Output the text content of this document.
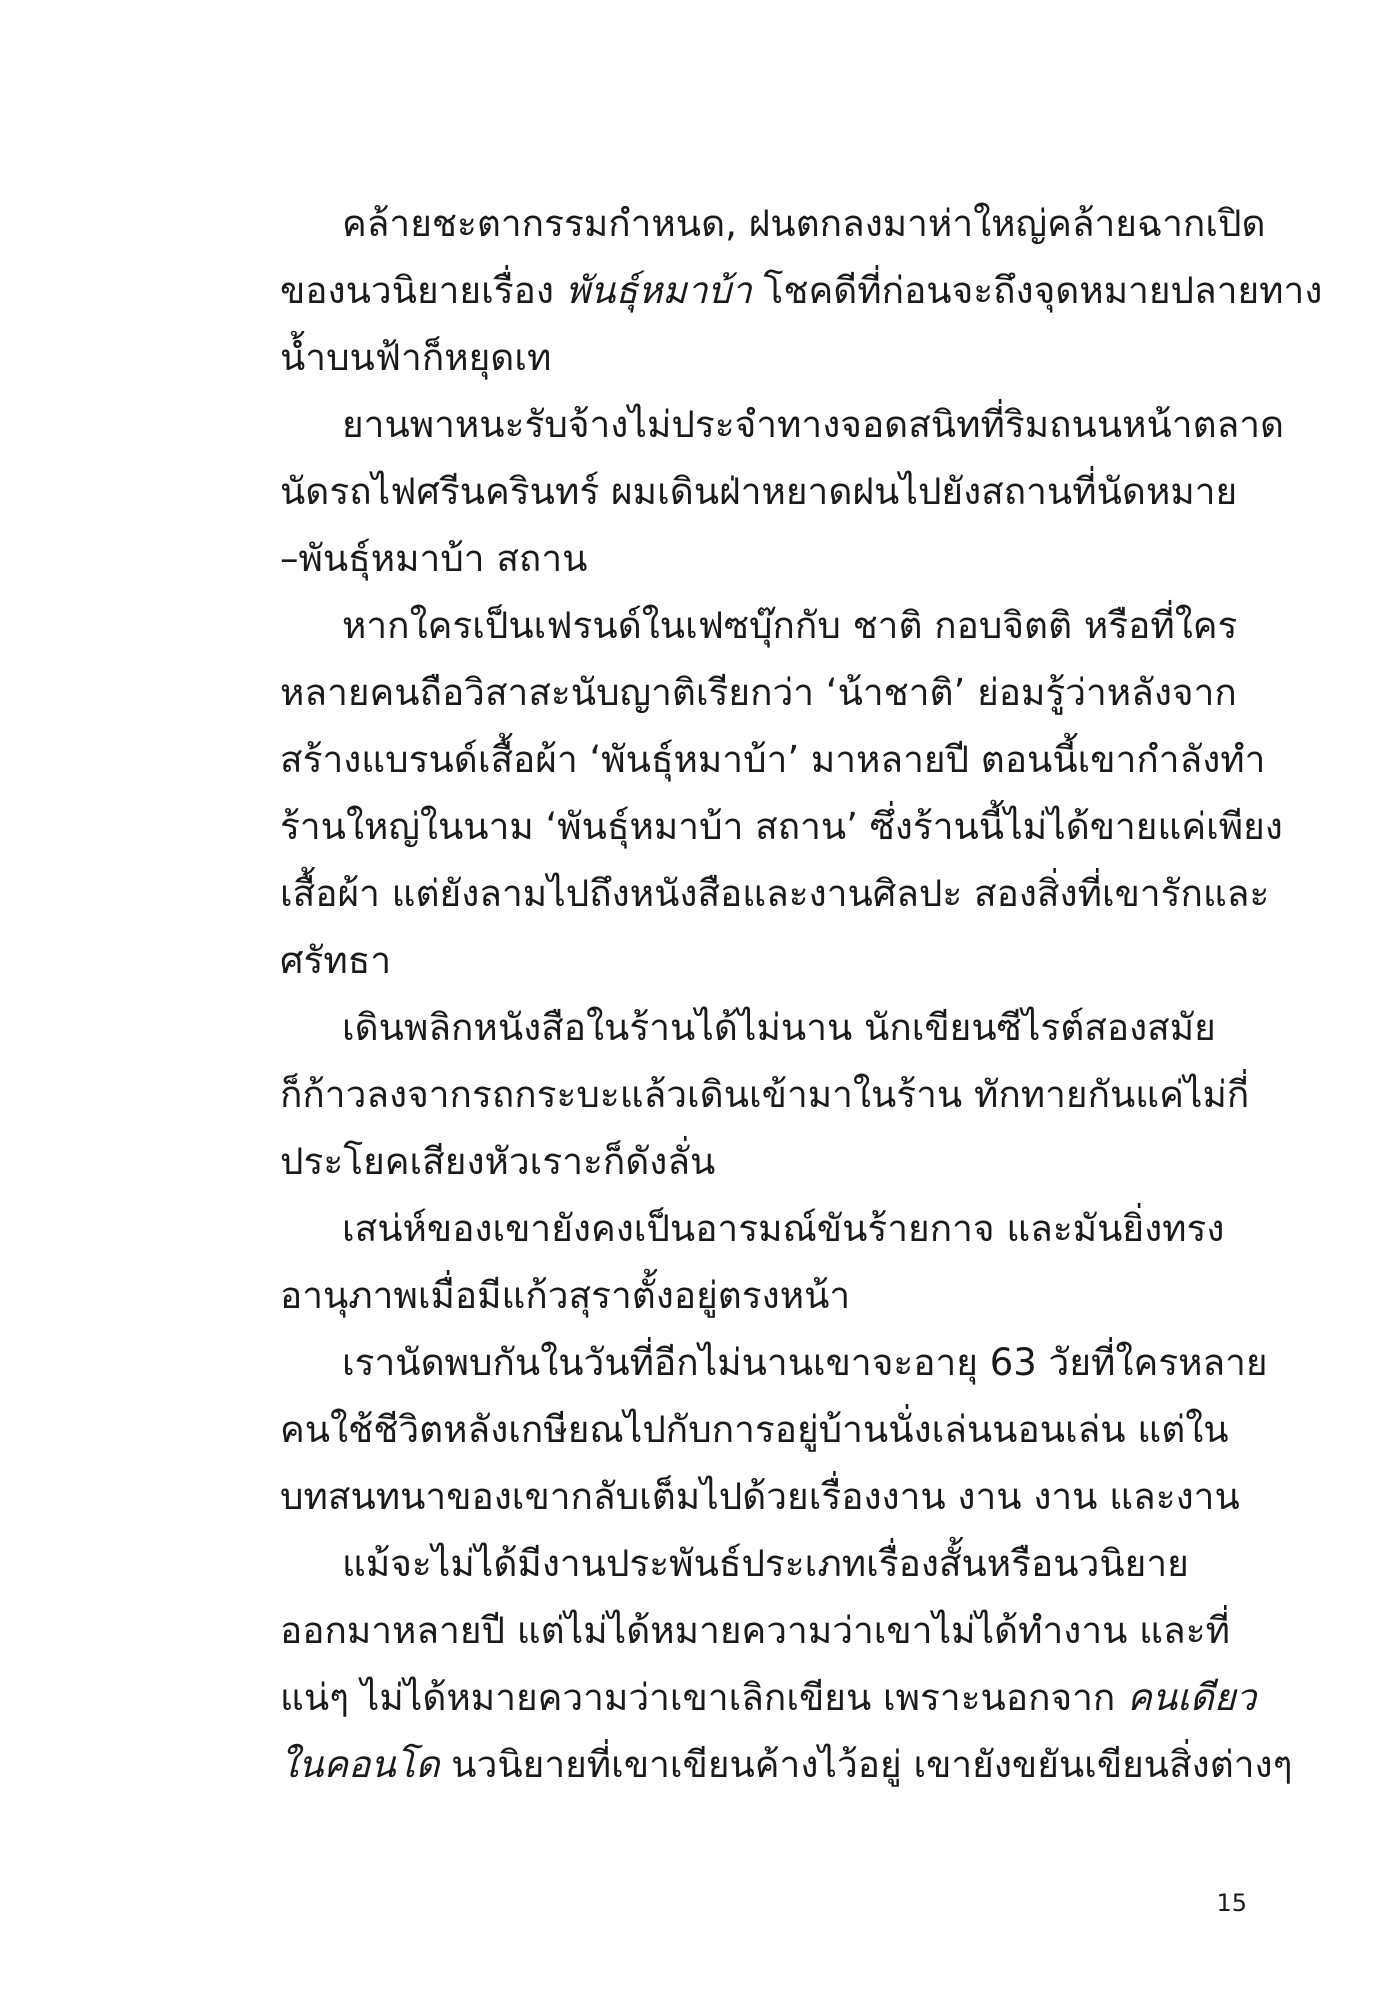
คล้ายชะตากรรมกำหนด, ฝนตกลงมาห่าใหญ่คล้ายฉากเปิด
ของนวนิยายเรื่อง พันธุ์หมาบ้า โชคดีที่ก่อนจะถึงจุดหมายปลายทาง
น้ำบนฟ้าก็หยุดเท
ยานพาหนะรับจ้างไม่ประจำทางจอดสนิทที่ริมถนนหน้าตลาด
นัดรถไฟศรีนครินทร์ ผมเดินฝ่าหยาดฝนไปยังสถานที่นัดหมาย
–พันธุ์หมาบ้า สถาน
หากใครเป็นเฟรนด์ในเฟซบุ๊กกับ ชาติ กอบจิตติ หรือที่ใคร
หลายคนถือวิสาสะนับญาติเรียกว่า ‘น้าชาติ’ ย่อมรู้ว่าหลังจาก
สร้างแบรนด์เสื้อผ้า ‘พันธุ์หมาบ้า’ มาหลายปี ตอนนี้เขากำลังทำ
ร้านใหญ่ในนาม ‘พันธุ์หมาบ้า สถาน’ ซึ่งร้านนี้ไม่ได้ขายแค่เพียง
เสื้อผ้า แต่ยังลามไปถึงหนังสือและงานศิลปะ สองสิ่งที่เขารักและ
ศรัทธา
เดินพลิกหนังสือในร้านได้ไม่นาน นักเขียนซีไรต์สองสมัย
ก็ก้าวลงจากรถกระบะแล้วเดินเข้ามาในร้าน ทักทายกันแค่ไม่กี่
ประโยคเสียงหัวเราะก็ดังลั่น
เสน่ห์ของเขายังคงเป็นอารมณ์ขันร้ายกาจ และมันยิ่งทรง
อานุภาพเมื่อมีแก้วสุราตั้งอยู่ตรงหน้า
เรานัดพบกันในวันที่อีกไม่นานเขาจะอายุ 63 วัยที่ใครหลาย
คนใช้ชีวิตหลังเกษียณไปกับการอยู่บ้านนั่งเล่นนอนเล่น แต่ใน
บทสนทนาของเขากลับเต็มไปด้วยเรื่องงาน งาน งาน และงาน
แม้จะไม่ได้มีงานประพันธ์ประเภทเรื่องสั้นหรือนวนิยาย
ออกมาหลายปี แต่ไม่ได้หมายความว่าเขาไม่ได้ทำงาน และที่
แน่ๆ ไม่ได้หมายความว่าเขาเลิกเขียน เพราะนอกจาก คนเดียว
ในคอนโด นวนิยายที่เขาเขียนค้างไว้อยู่ เขายังขยันเขียนสิ่งต่างๆ
15
